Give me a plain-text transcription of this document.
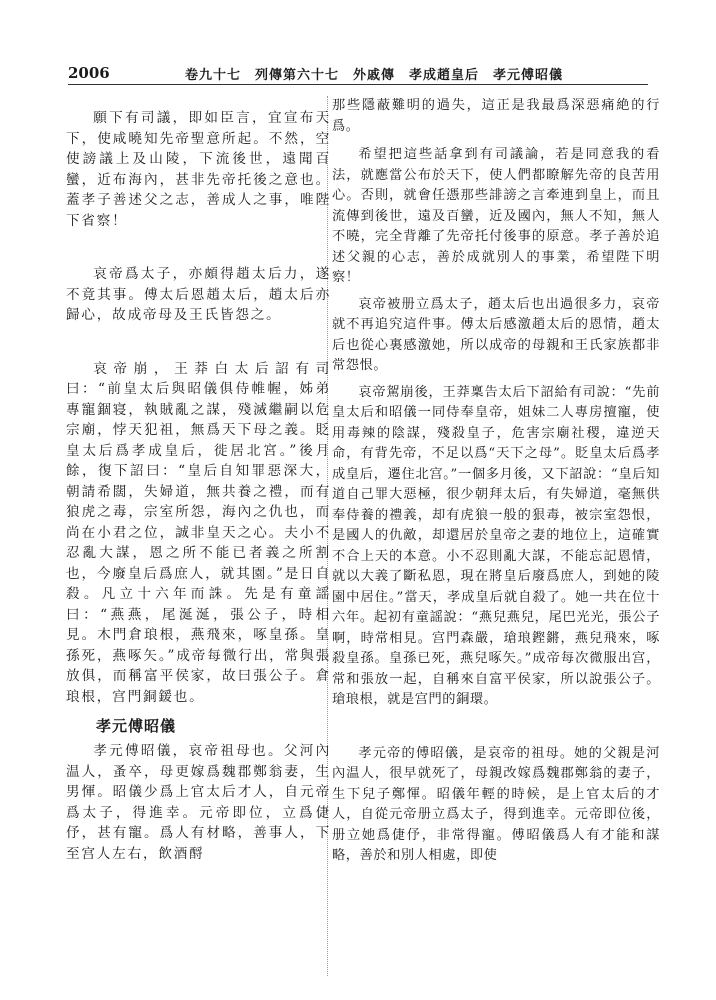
2006	卷九十七　列傳第六十七　外戚傳　孝成趙皇后　孝元傅昭儀

願下有司議，即如臣言，宜宣布天下，使咸曉知先帝聖意所起。不然，空使謗議上及山陵，下流後世，遠聞百蠻，近布海內，甚非先帝托後之意也。蓋孝子善述父之志，善成人之事，唯陛下省察！

哀帝爲太子，亦頗得趙太后力，遂不竟其事。傅太后恩趙太后，趙太后亦歸心，故成帝母及王氏皆怨之。

哀帝崩，王莽白太后詔有司曰：“前皇太后與昭儀俱侍帷幄，姊弟專寵錮寝，執賊亂之謀，殘滅繼嗣以危宗廟，悖天犯祖，無爲天下母之義。貶皇太后爲孝成皇后，徙居北宮。”後月餘，復下詔曰：“皇后自知罪惡深大，朝請希闊，失婦道，無共養之禮，而有狼虎之毒，宗室所怨，海內之仇也，而尚在小君之位，誠非皇天之心。夫小不忍亂大謀，恩之所不能已者義之所割也，今廢皇后爲庶人，就其園。”是日自殺。凡立十六年而誅。先是有童謡曰：“燕燕，尾涎涎，張公子，時相見。木門倉琅根，燕飛來，啄皇孫。皇孫死，燕啄矢。”成帝每微行出，常與張放俱，而稱富平侯家，故曰張公子。倉琅根，宫門銅鍰也。

孝元傅昭儀

孝元傅昭儀，哀帝祖母也。父河內温人，蚤卒，母更嫁爲魏郡鄭翁妻，生男惲。昭儀少爲上官太后才人，自元帝爲太子，得進幸。元帝即位，立爲倢伃，甚有寵。爲人有材略，善事人，下至宫人左右，飲酒酹

那些隱蔽難明的過失，這正是我最爲深惡痛絶的行爲。

希望把這些話拿到有司議論，若是同意我的看法，就應當公布於天下，使人們都瞭解先帝的良苦用心。否則，就會任憑那些誹謗之言牽連到皇上，而且流傳到後世，遠及百蠻，近及國內，無人不知，無人不曉，完全背離了先帝托付後事的原意。孝子善於追述父親的心志，善於成就別人的事業，希望陛下明察！

哀帝被册立爲太子，趙太后也出過很多力，哀帝就不再追究這件事。傅太后感激趙太后的恩情，趙太后也從心裏感激她，所以成帝的母親和王氏家族都非常怨恨。

哀帝駕崩後，王莽稟告太后下詔給有司說：“先前皇太后和昭儀一同侍奉皇帝，姐妹二人專房擅寵，使用毒辣的陰謀，殘殺皇子，危害宗廟社稷，違逆天命，有背先帝，不足以爲“天下之母”。貶皇太后爲孝成皇后，遷住北宫。”一個多月後，又下詔說：“皇后知道自己罪大惡極，很少朝拜太后，有失婦道，毫無供奉侍養的禮義，却有虎狼一般的狠毒，被宗室怨恨，是國人的仇敵，却還居於皇帝之妻的地位上，這確實不合上天的本意。小不忍則亂大謀，不能忘記恩情，就以大義了斷私恩，現在將皇后廢爲庶人，到她的陵園中居住。”當天，孝成皇后就自殺了。她一共在位十六年。起初有童謡說：“燕兒燕兒，尾巴光光，張公子啊，時常相見。宫門森嚴，瑲琅鏗鏘，燕兒飛來，啄殺皇孫。皇孫已死，燕兒啄矢。”成帝每次微服出宫，常和張放一起，自稱來自富平侯家，所以說張公子。瑲琅根，就是宫門的銅環。

孝元帝的傅昭儀，是哀帝的祖母。她的父親是河內温人，很早就死了，母親改嫁爲魏郡鄭翁的妻子，生下兒子鄭惲。昭儀年輕的時候，是上官太后的才人，自從元帝册立爲太子，得到進幸。元帝即位後，册立她爲倢伃，非常得寵。傅昭儀爲人有才能和謀略，善於和別人相處，即使
